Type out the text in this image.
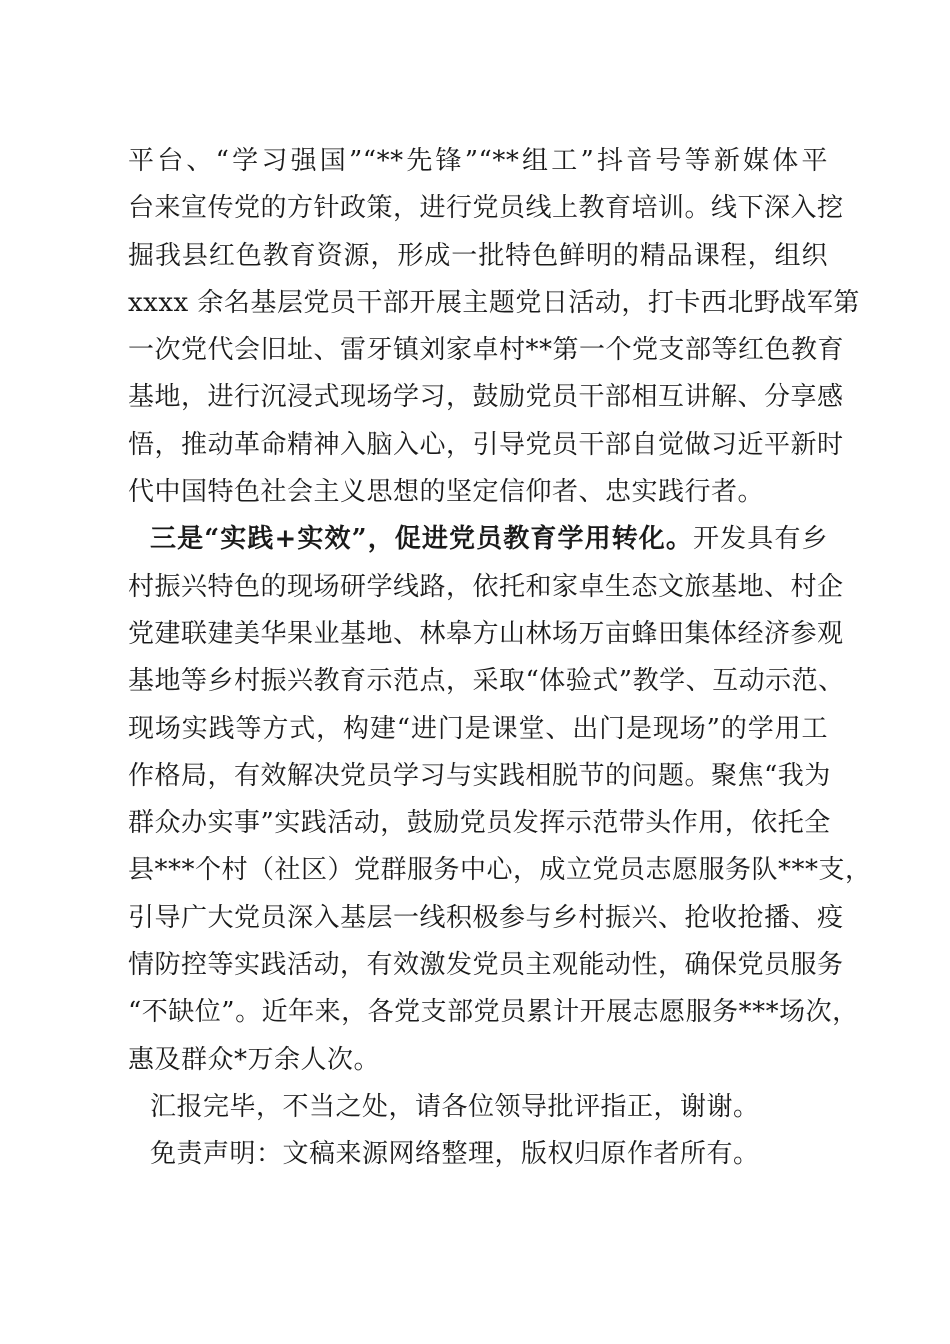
平台、“学习强国”“**先锋”“**组工”抖音号等新媒体平
台来宣传党的方针政策，进行党员线上教育培训。线下深入挖
掘我县红色教育资源，形成一批特色鲜明的精品课程，组织
xxxx 余名基层党员干部开展主题党日活动，打卡西北野战军第
一次党代会旧址、雷牙镇刘家卓村**第一个党支部等红色教育
基地，进行沉浸式现场学习，鼓励党员干部相互讲解、分享感
悟，推动革命精神入脑入心，引导党员干部自觉做习近平新时
代中国特色社会主义思想的坚定信仰者、忠实践行者。
三是“实践+实效”，促进党员教育学用转化。开发具有乡
村振兴特色的现场研学线路，依托和家卓生态文旅基地、村企
党建联建美华果业基地、林皋方山林场万亩蜂田集体经济参观
基地等乡村振兴教育示范点，采取“体验式”教学、互动示范、
现场实践等方式，构建“进门是课堂、出门是现场”的学用工
作格局，有效解决党员学习与实践相脱节的问题。聚焦“我为
群众办实事”实践活动，鼓励党员发挥示范带头作用，依托全
县***个村（社区）党群服务中心，成立党员志愿服务队***支，
引导广大党员深入基层一线积极参与乡村振兴、抢收抢播、疫
情防控等实践活动，有效激发党员主观能动性，确保党员服务
“不缺位”。近年来，各党支部党员累计开展志愿服务***场次，
惠及群众*万余人次。
汇报完毕，不当之处，请各位领导批评指正，谢谢。
免责声明：文稿来源网络整理，版权归原作者所有。
